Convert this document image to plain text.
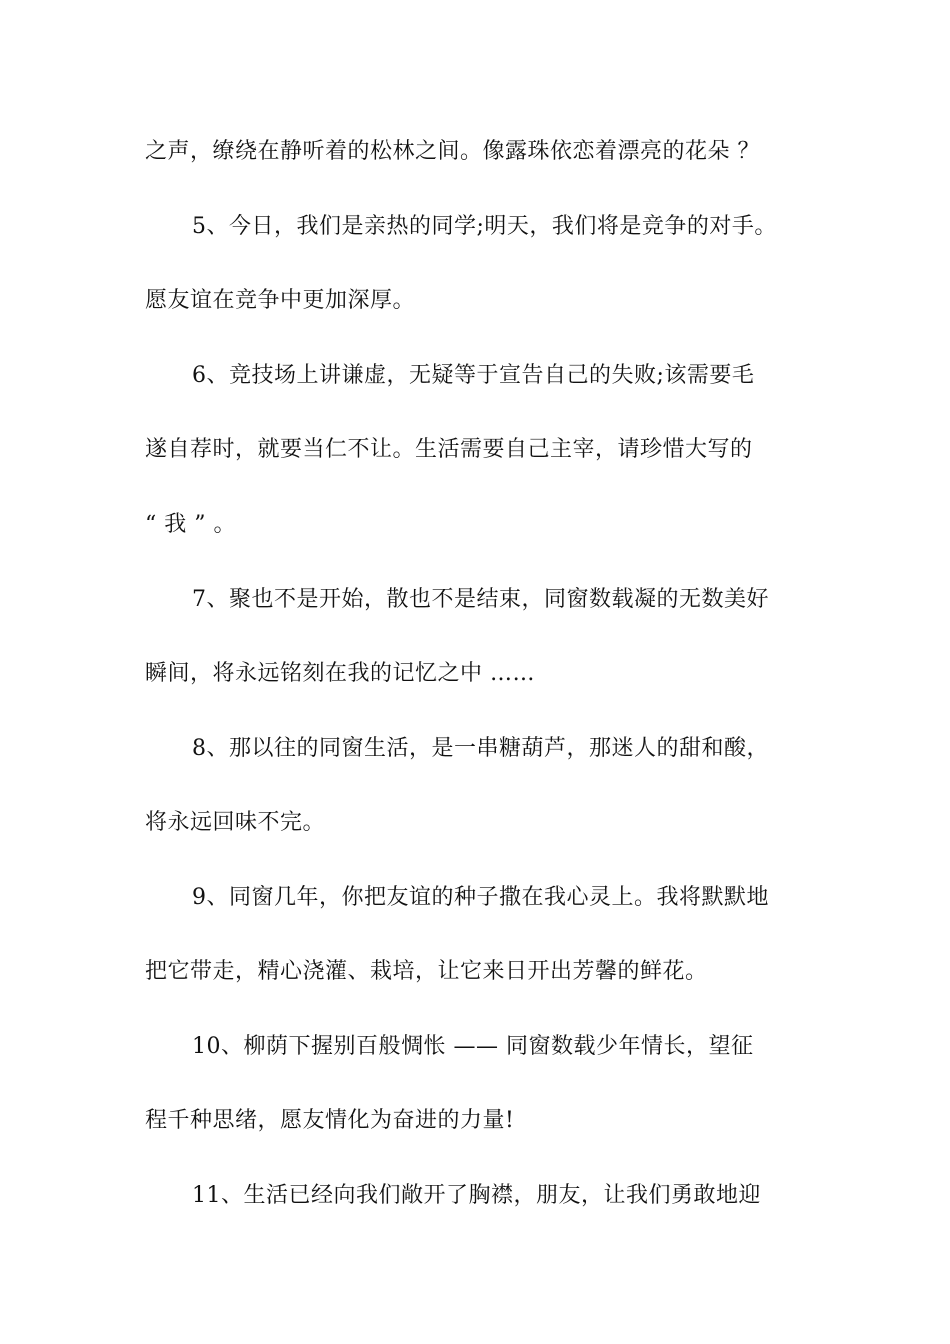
之声，缭绕在静听着的松林之间。像露珠依恋着漂亮的花朵 ？
5、今日，我们是亲热的同学;明天，我们将是竞争的对手。
愿友谊在竞争中更加深厚。
6、竞技场上讲谦虚，无疑等于宣告自己的失败;该需要毛
遂自荐时，就要当仁不让。生活需要自己主宰，请珍惜大写的
“ 我 ” 。
7、聚也不是开始，散也不是结束，同窗数载凝的无数美好
瞬间，将永远铭刻在我的记忆之中 ……
8、那以往的同窗生活，是一串糖葫芦，那迷人的甜和酸，
将永远回味不完。
9、同窗几年，你把友谊的种子撒在我心灵上。我将默默地
把它带走，精心浇灌、栽培，让它来日开出芳馨的鲜花。
10、柳荫下握别百般惆怅 —— 同窗数载少年情长，望征
程千种思绪，愿友情化为奋进的力量!
11、生活已经向我们敞开了胸襟，朋友，让我们勇敢地迎
